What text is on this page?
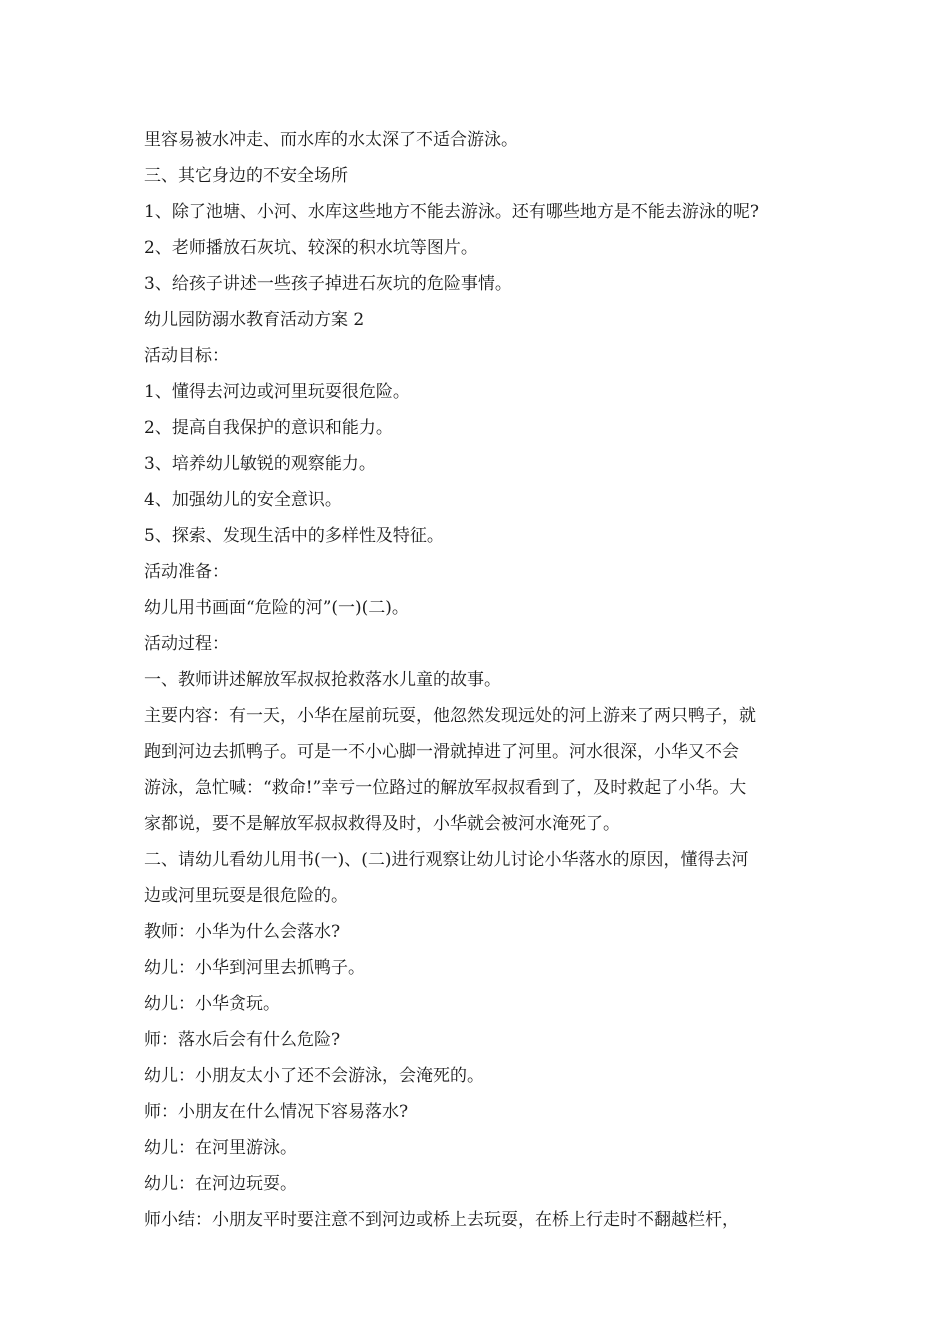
里容易被水冲走、而水库的水太深了不适合游泳。

三、其它身边的不安全场所

1、除了池塘、小河、水库这些地方不能去游泳。还有哪些地方是不能去游泳的呢?

2、老师播放石灰坑、较深的积水坑等图片。

3、给孩子讲述一些孩子掉进石灰坑的危险事情。

幼儿园防溺水教育活动方案 2

活动目标：

1、懂得去河边或河里玩耍很危险。

2、提高自我保护的意识和能力。

3、培养幼儿敏锐的观察能力。

4、加强幼儿的安全意识。

5、探索、发现生活中的多样性及特征。

活动准备：

幼儿用书画面“危险的河”(一)(二)。

活动过程：

一、教师讲述解放军叔叔抢救落水儿童的故事。

主要内容：有一天，小华在屋前玩耍，他忽然发现远处的河上游来了两只鸭子，就
跑到河边去抓鸭子。可是一不小心脚一滑就掉进了河里。河水很深，小华又不会
游泳，急忙喊：“救命!”幸亏一位路过的解放军叔叔看到了，及时救起了小华。大
家都说，要不是解放军叔叔救得及时，小华就会被河水淹死了。
二、请幼儿看幼儿用书(一)、(二)进行观察让幼儿讨论小华落水的原因，懂得去河
边或河里玩耍是很危险的。

教师：小华为什么会落水?

幼儿：小华到河里去抓鸭子。

幼儿：小华贪玩。

师：落水后会有什么危险?

幼儿：小朋友太小了还不会游泳，会淹死的。

师：小朋友在什么情况下容易落水?

幼儿：在河里游泳。

幼儿：在河边玩耍。

师小结：小朋友平时要注意不到河边或桥上去玩耍，在桥上行走时不翻越栏杆，
